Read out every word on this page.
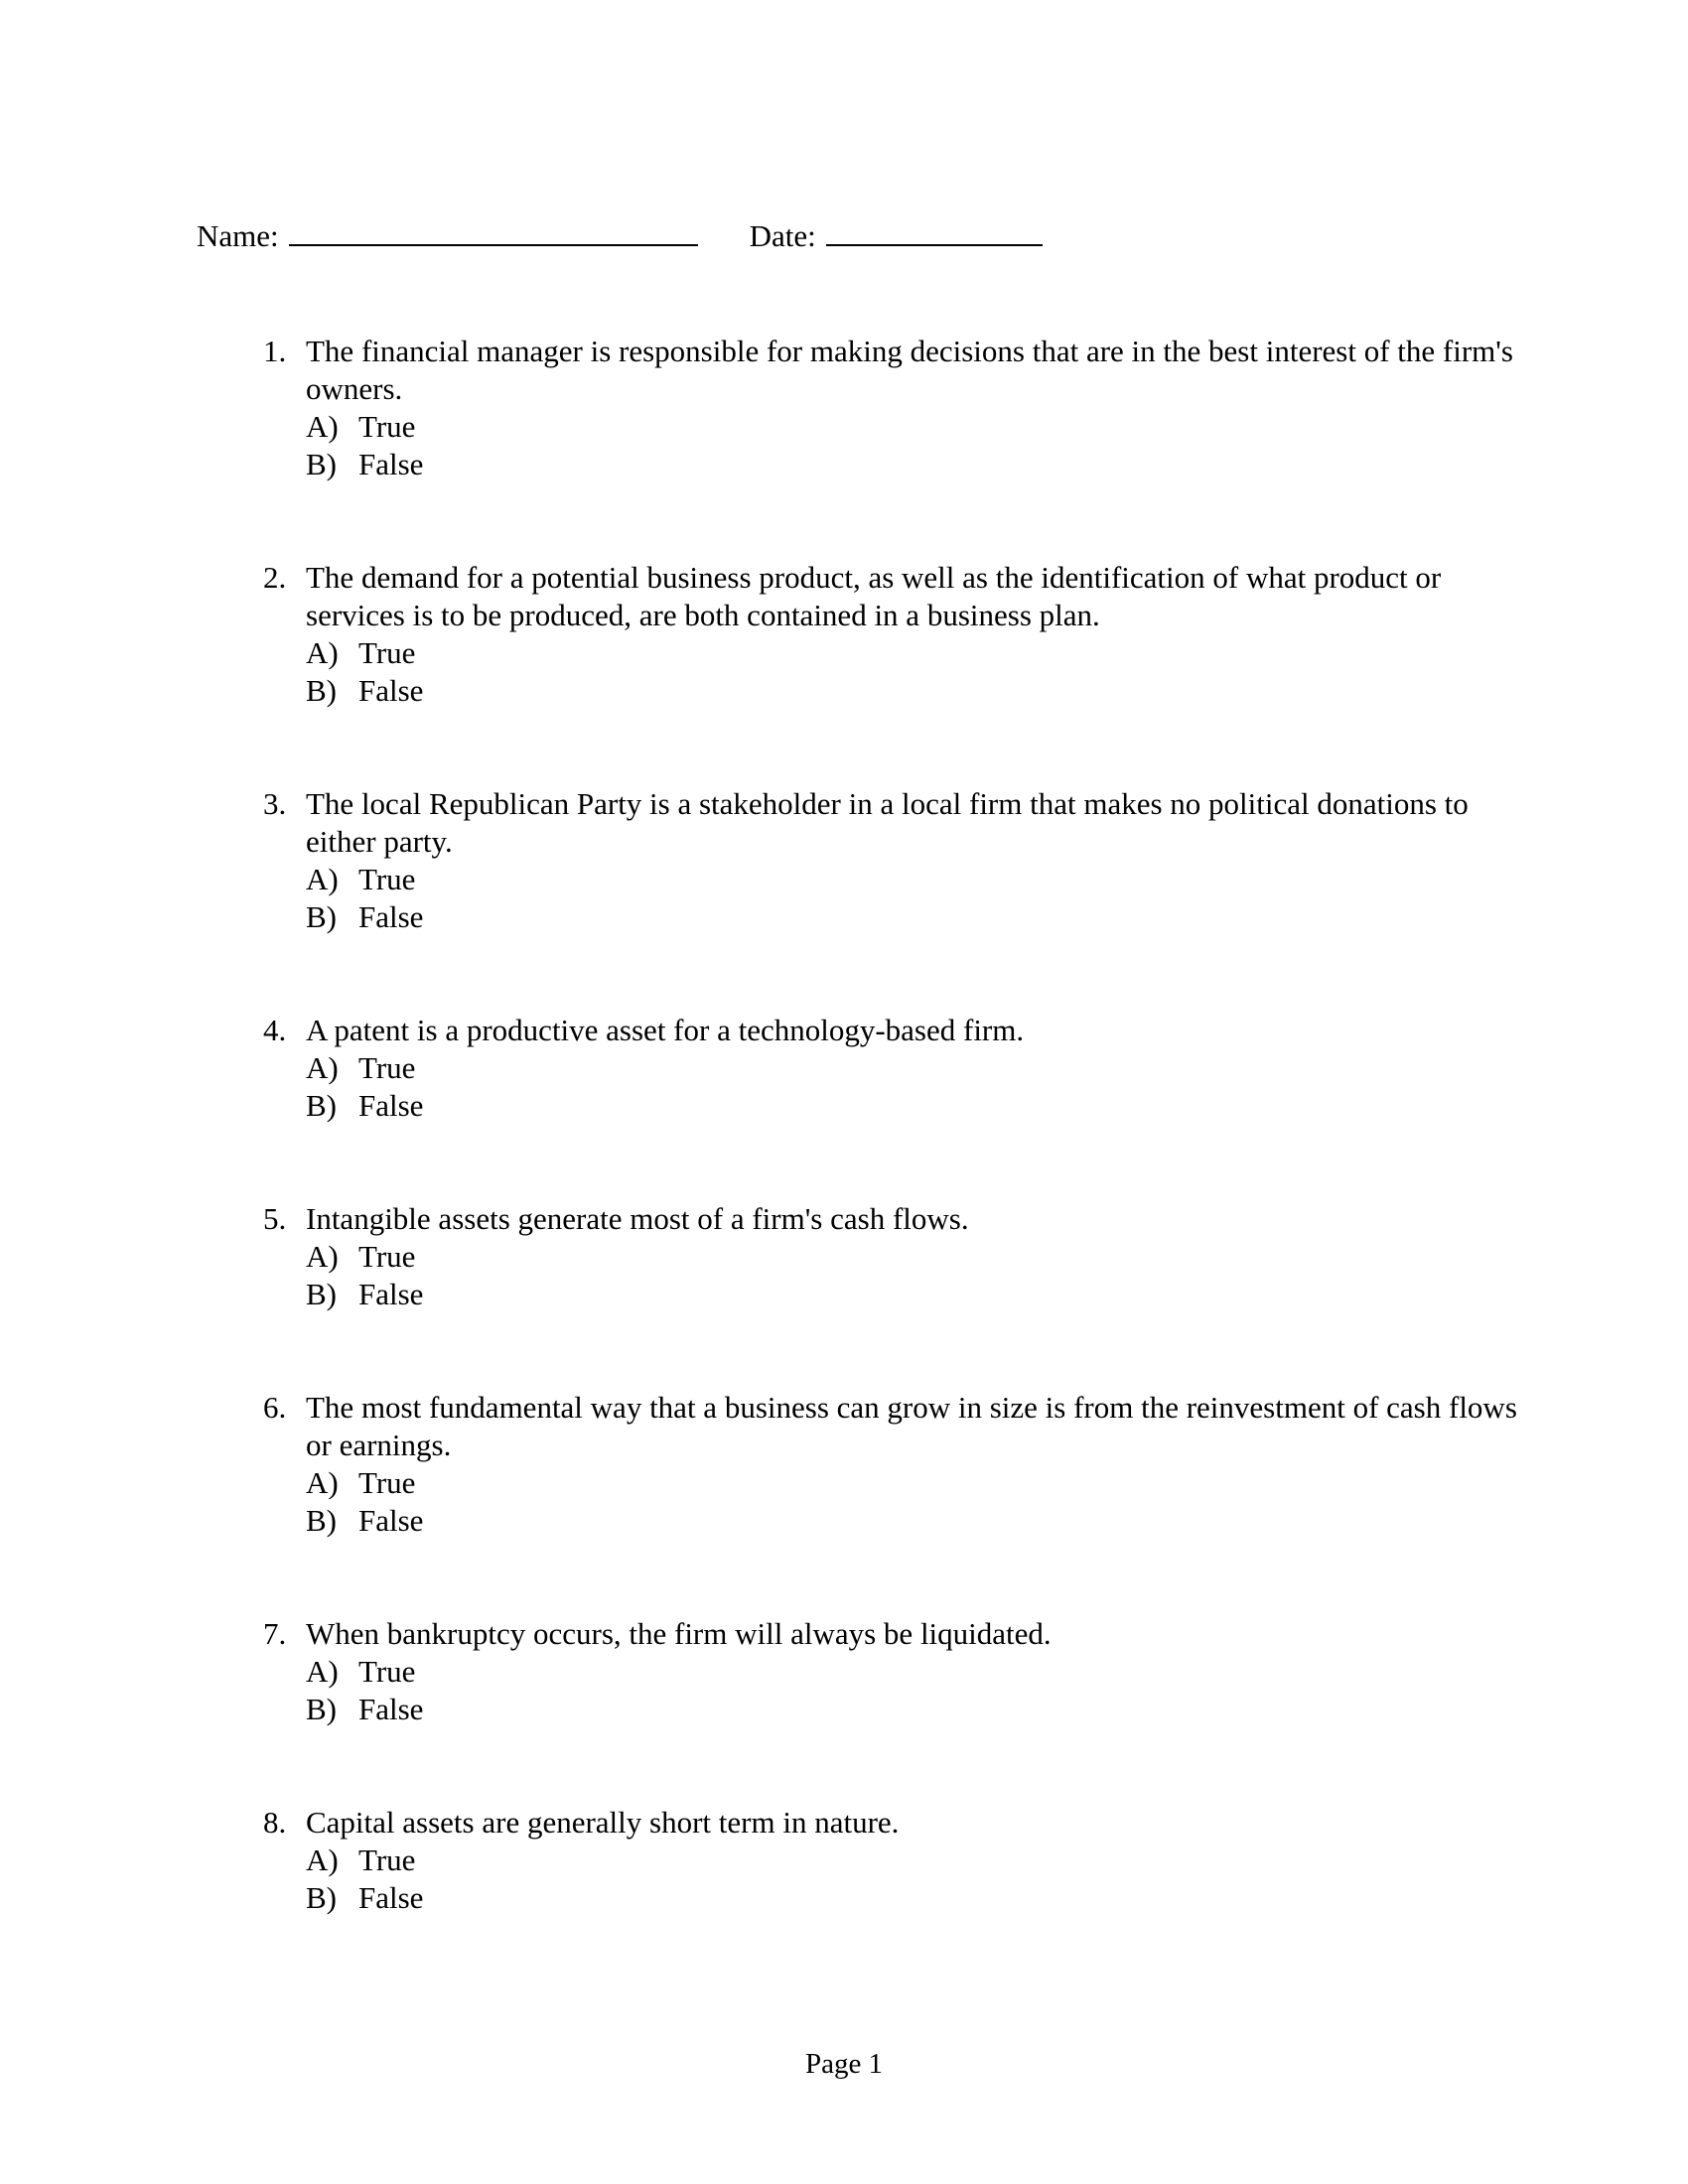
Name:	Date:
1. The financial manager is responsible for making decisions that are in the best interest of the firm's owners.
A) True
B) False
2. The demand for a potential business product, as well as the identification of what product or services is to be produced, are both contained in a business plan.
A) True
B) False
3. The local Republican Party is a stakeholder in a local firm that makes no political donations to either party.
A) True
B) False
4. A patent is a productive asset for a technology-based firm.
A) True
B) False
5. Intangible assets generate most of a firm's cash flows.
A) True
B) False
6. The most fundamental way that a business can grow in size is from the reinvestment of cash flows or earnings.
A) True
B) False
7. When bankruptcy occurs, the firm will always be liquidated.
A) True
B) False
8. Capital assets are generally short term in nature.
A) True
B) False
Page 1
